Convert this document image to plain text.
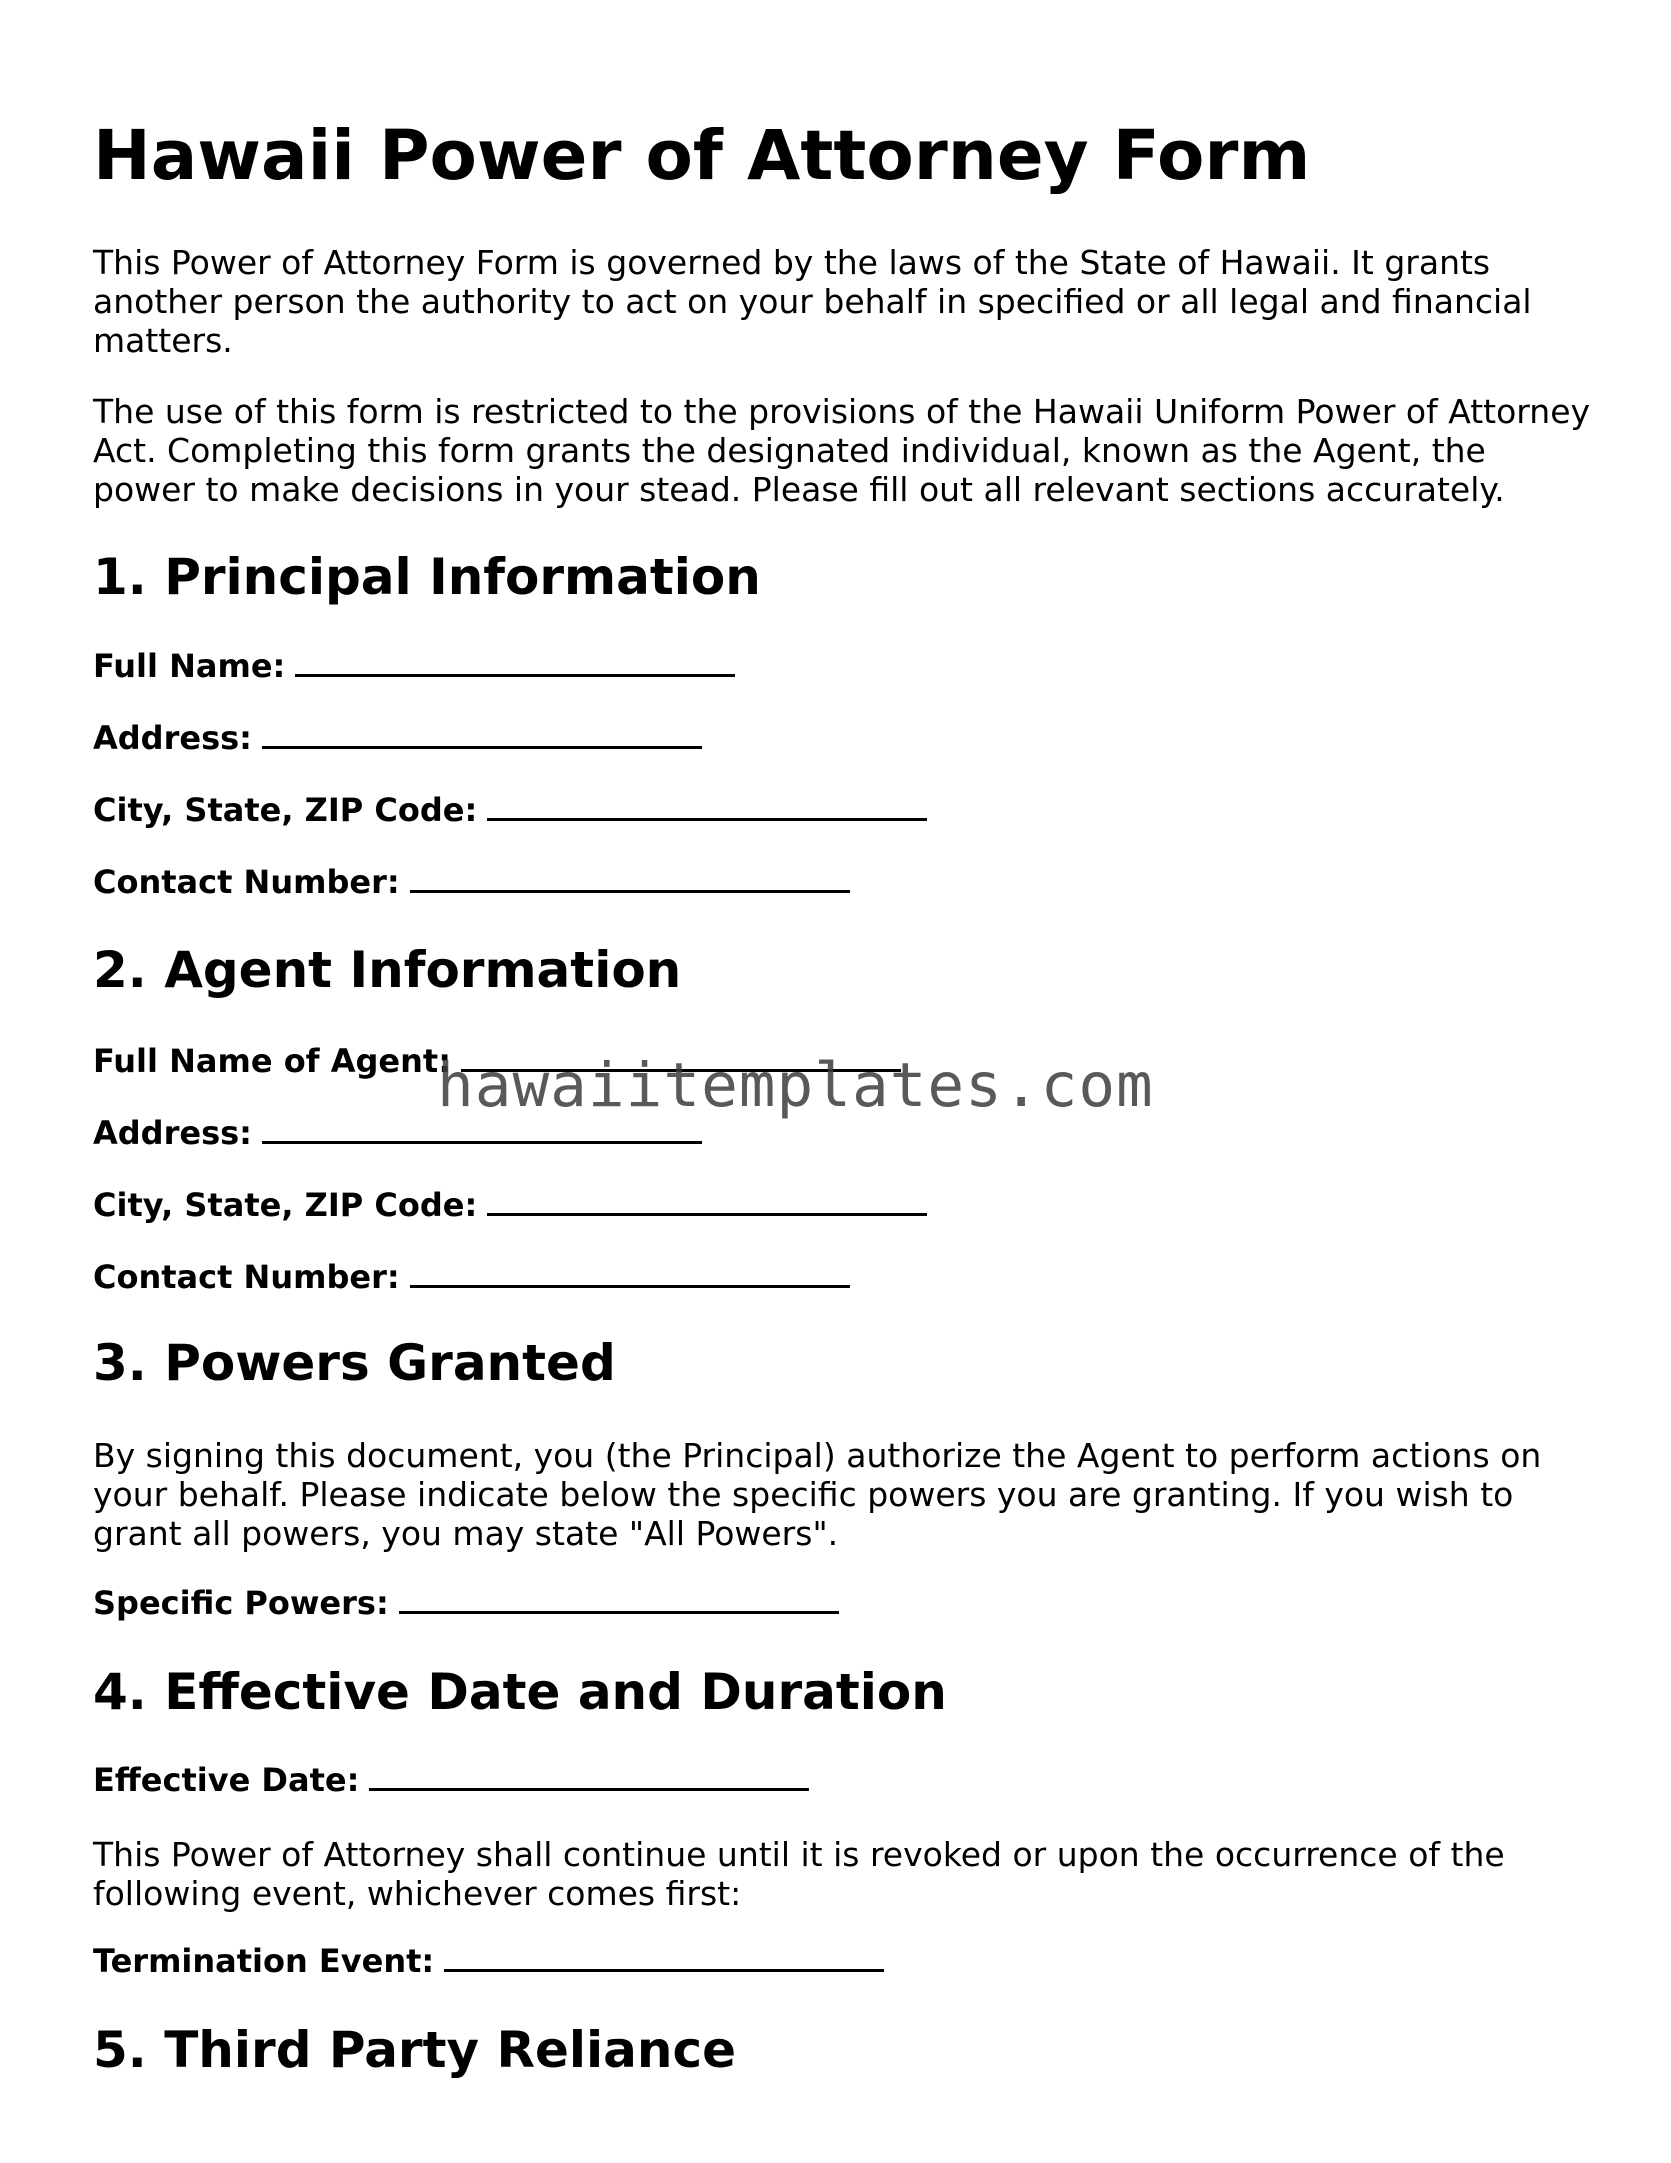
Hawaii Power of Attorney Form

This Power of Attorney Form is governed by the laws of the State of Hawaii. It grants another person the authority to act on your behalf in specified or all legal and financial matters.

The use of this form is restricted to the provisions of the Hawaii Uniform Power of Attorney Act. Completing this form grants the designated individual, known as the Agent, the power to make decisions in your stead. Please fill out all relevant sections accurately.

1. Principal Information
Full Name:
Address:
City, State, ZIP Code:
Contact Number:
2. Agent Information
Full Name of Agent:
Address:
City, State, ZIP Code:
Contact Number:
3. Powers Granted

By signing this document, you (the Principal) authorize the Agent to perform actions on your behalf. Please indicate below the specific powers you are granting. If you wish to grant all powers, you may state "All Powers".

Specific Powers:
4. Effective Date and Duration
Effective Date:

This Power of Attorney shall continue until it is revoked or upon the occurrence of the following event, whichever comes first:

Termination Event:
5. Third Party Reliance
hawaiitemplates.com
